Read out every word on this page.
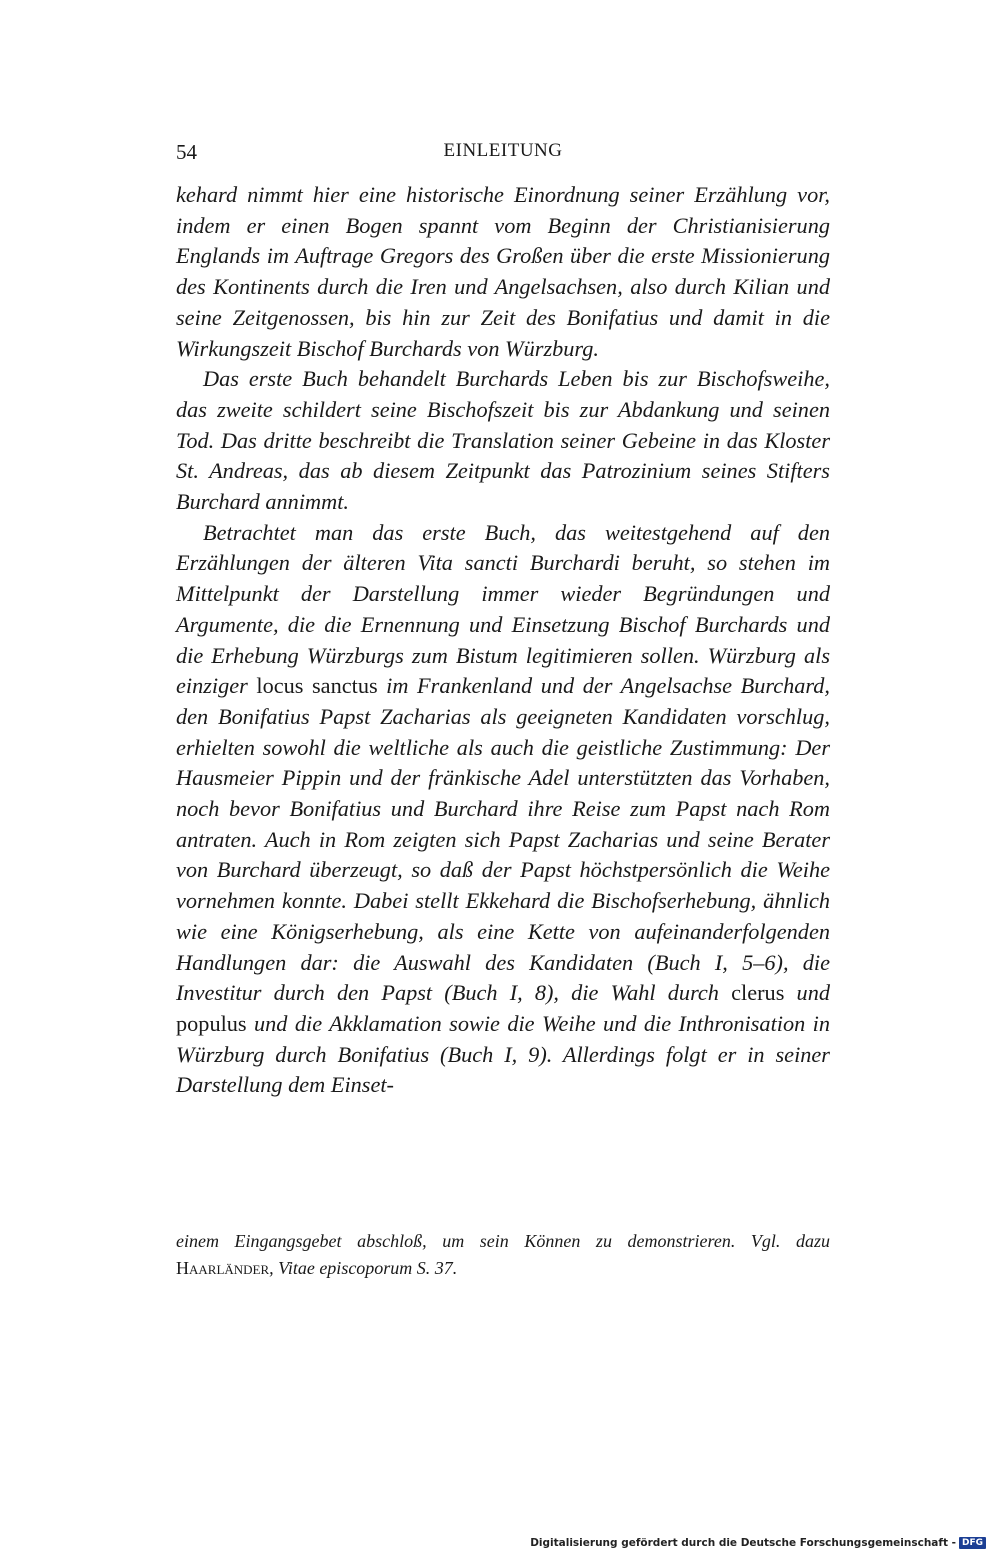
54	EINLEITUNG

kehard nimmt hier eine historische Einordnung seiner Erzählung vor, indem er einen Bogen spannt vom Beginn der Christianisierung Englands im Auftrage Gregors des Großen über die erste Missionierung des Kontinents durch die Iren und Angelsachsen, also durch Kilian und seine Zeitgenossen, bis hin zur Zeit des Bonifatius und damit in die Wirkungszeit Bischof Burchards von Würzburg.

Das erste Buch behandelt Burchards Leben bis zur Bischofsweihe, das zweite schildert seine Bischofszeit bis zur Abdankung und seinen Tod. Das dritte beschreibt die Translation seiner Gebeine in das Kloster St. Andreas, das ab diesem Zeitpunkt das Patrozinium seines Stifters Burchard annimmt.

Betrachtet man das erste Buch, das weitestgehend auf den Erzählungen der älteren Vita sancti Burchardi beruht, so stehen im Mittelpunkt der Darstellung immer wieder Begründungen und Argumente, die die Ernennung und Einsetzung Bischof Burchards und die Erhebung Würzburgs zum Bistum legitimieren sollen. Würzburg als einziger locus sanctus im Frankenland und der Angelsachse Burchard, den Bonifatius Papst Zacharias als geeigneten Kandidaten vorschlug, erhielten sowohl die weltliche als auch die geistliche Zustimmung: Der Hausmeier Pippin und der fränkische Adel unterstützten das Vorhaben, noch bevor Bonifatius und Burchard ihre Reise zum Papst nach Rom antraten. Auch in Rom zeigten sich Papst Zacharias und seine Berater von Burchard überzeugt, so daß der Papst höchstpersönlich die Weihe vornehmen konnte. Dabei stellt Ekkehard die Bischofserhebung, ähnlich wie eine Königserhebung, als eine Kette von aufeinanderfolgenden Handlungen dar: die Auswahl des Kandidaten (Buch I, 5–6), die Investitur durch den Papst (Buch I, 8), die Wahl durch clerus und populus und die Akklamation sowie die Weihe und die Inthronisation in Würzburg durch Bonifatius (Buch I, 9). Allerdings folgt er in seiner Darstellung dem Einset-

einem Eingangsgebet abschloß, um sein Können zu demonstrieren. Vgl. dazu Haarländer, Vitae episcoporum S. 37.

Digitalisierung gefördert durch die Deutsche Forschungsgemeinschaft - DFG
